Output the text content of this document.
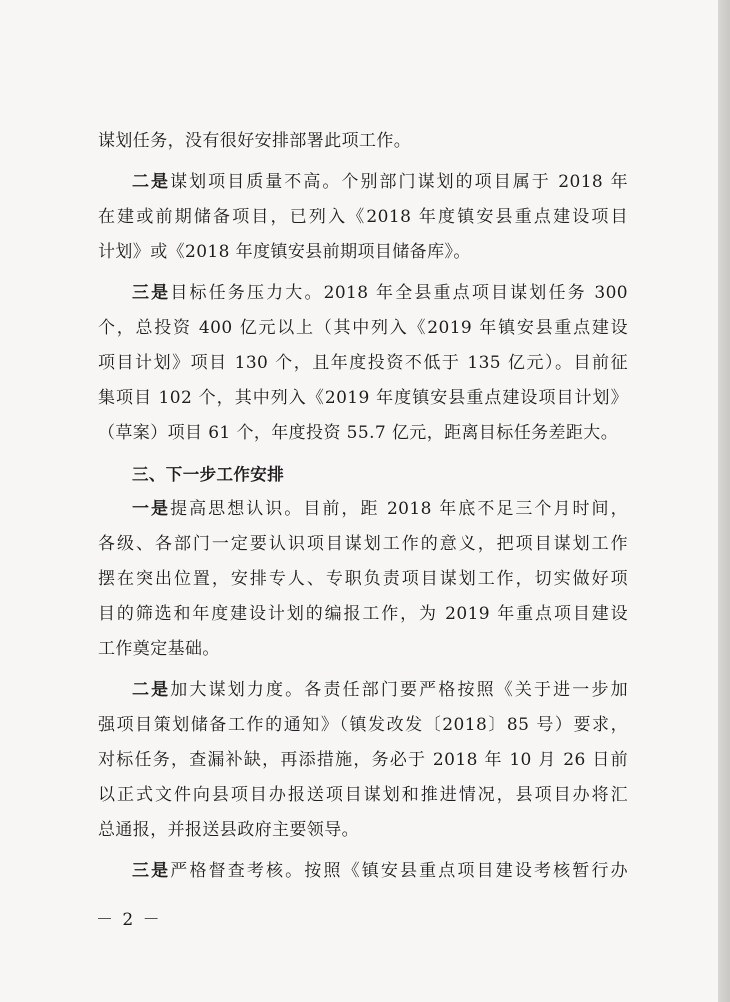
谋划任务，没有很好安排部署此项工作。
二是谋划项目质量不高。个别部门谋划的项目属于 2018 年
在建或前期储备项目，已列入《2018 年度镇安县重点建设项目
计划》或《2018 年度镇安县前期项目储备库》。
三是目标任务压力大。2018 年全县重点项目谋划任务 300
个，总投资 400 亿元以上（其中列入《2019 年镇安县重点建设
项目计划》项目 130 个，且年度投资不低于 135 亿元）。目前征
集项目 102 个，其中列入《2019 年度镇安县重点建设项目计划》
（草案）项目 61 个，年度投资 55.7 亿元，距离目标任务差距大。
三、下一步工作安排
一是提高思想认识。目前，距 2018 年底不足三个月时间，
各级、各部门一定要认识项目谋划工作的意义，把项目谋划工作
摆在突出位置，安排专人、专职负责项目谋划工作，切实做好项
目的筛选和年度建设计划的编报工作，为 2019 年重点项目建设
工作奠定基础。
二是加大谋划力度。各责任部门要严格按照《关于进一步加
强项目策划储备工作的通知》（镇发改发〔2018〕85 号）要求，
对标任务，查漏补缺，再添措施，务必于 2018 年 10 月 26 日前
以正式文件向县项目办报送项目谋划和推进情况，县项目办将汇
总通报，并报送县政府主要领导。
三是严格督查考核。按照《镇安县重点项目建设考核暂行办
－ 2 －
